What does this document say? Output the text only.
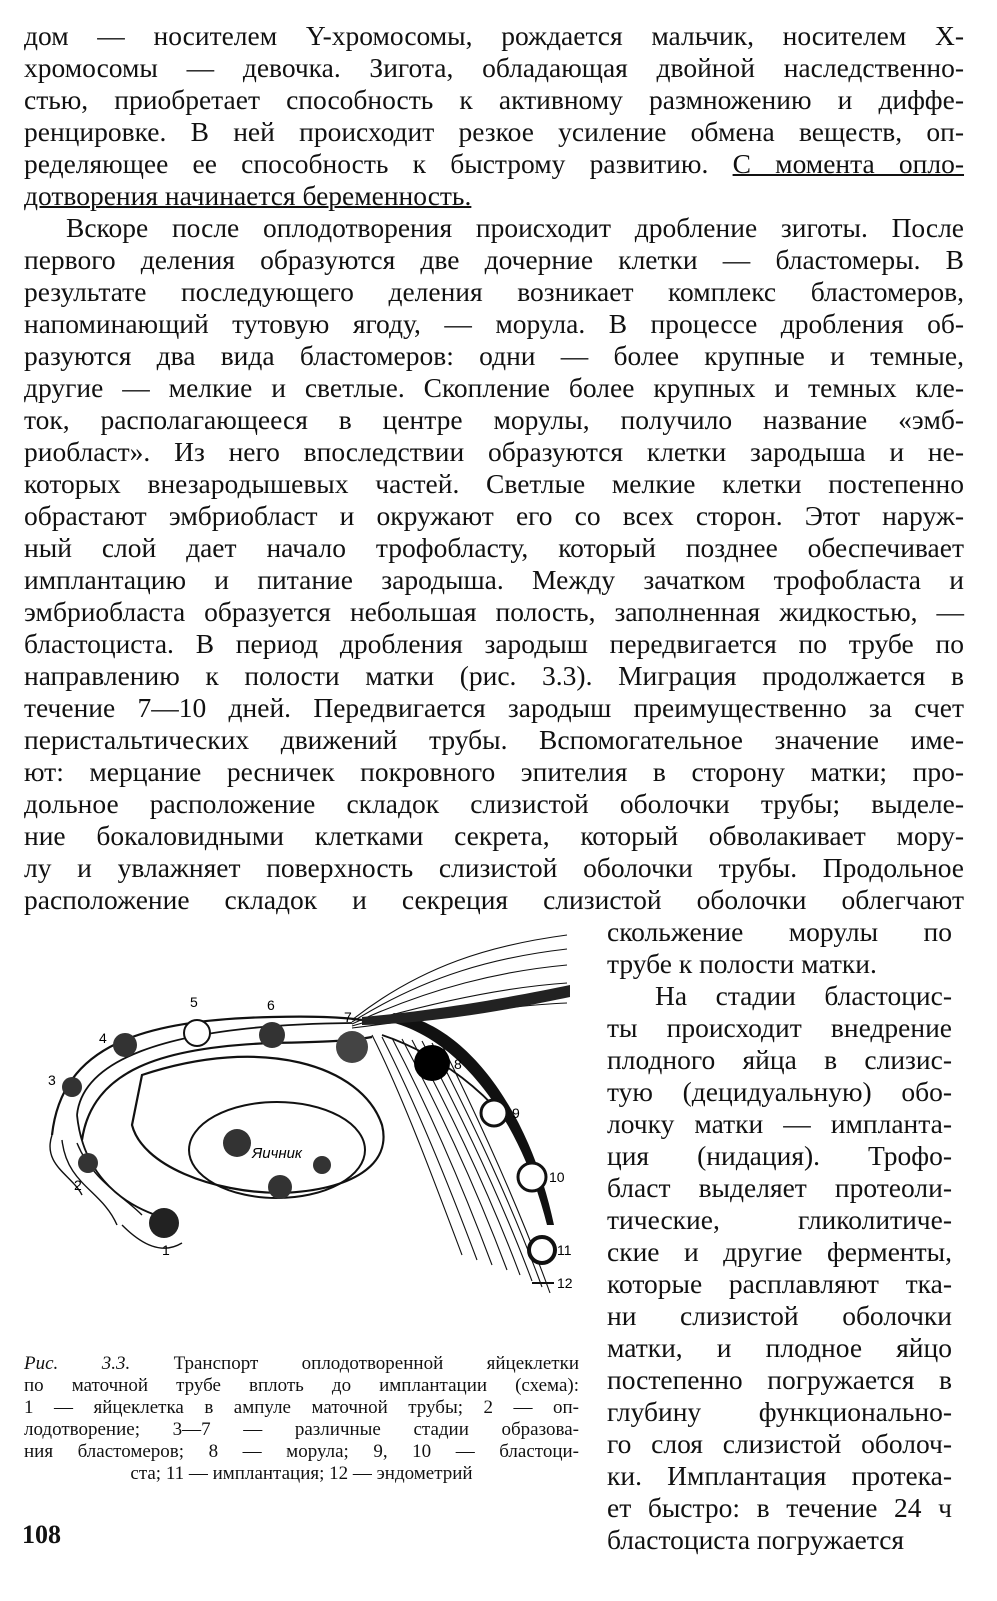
дом — носителем Y-хромосомы, рождается мальчик, носителем Х-
хромосомы — девочка. Зигота, обладающая двойной наследственно-
стью, приобретает способность к активному размножению и диффе-
ренцировке. В ней происходит резкое усиление обмена веществ, оп-
ределяющее ее способность к быстрому развитию. С момента опло-
дотворения начинается беременность.
Вскоре после оплодотворения происходит дробление зиготы. После
первого деления образуются две дочерние клетки — бластомеры. В
результате последующего деления возникает комплекс бластомеров,
напоминающий тутовую ягоду, — морула. В процессе дробления об-
разуются два вида бластомеров: одни — более крупные и темные,
другие — мелкие и светлые. Скопление более крупных и темных кле-
ток, располагающееся в центре морулы, получило название «эмб-
риобласт». Из него впоследствии образуются клетки зародыша и не-
которых внезародышевых частей. Светлые мелкие клетки постепенно
обрастают эмбриобласт и окружают его со всех сторон. Этот наруж-
ный слой дает начало трофобласту, который позднее обеспечивает
имплантацию и питание зародыша. Между зачатком трофобласта и
эмбриобласта образуется небольшая полость, заполненная жидкостью, —
бластоциста. В период дробления зародыш передвигается по трубе по
направлению к полости матки (рис. 3.3). Миграция продолжается в
течение 7—10 дней. Передвигается зародыш преимущественно за счет
перистальтических движений трубы. Вспомогательное значение име-
ют: мерцание ресничек покровного эпителия в сторону матки; про-
дольное расположение складок слизистой оболочки трубы; выделе-
ние бокаловидными клетками секрета, который обволакивает мору-
лу и увлажняет поверхность слизистой оболочки трубы. Продольное
расположение складок и секреция слизистой оболочки облегчают
скольжение морулы по
трубе к полости матки.
На стадии бластоцис-
ты происходит внедрение
плодного яйца в слизис-
тую (децидуальную) обо-
лочку матки — импланта-
ция (нидация). Трофо-
бласт выделяет протеоли-
тические, гликолитиче-
ские и другие ферменты,
которые расплавляют тка-
ни слизистой оболочки
матки, и плодное яйцо
постепенно погружается в
глубину функционально-
го слоя слизистой оболоч-
ки. Имплантация протека-
ет быстро: в течение 24 ч
бластоциста погружается
Яичник
1
2
3
4
5	6
7
8
9
10
11
12
Рис. 3.3. Транспорт оплодотворенной яйцеклетки
по маточной трубе вплоть до имплантации (схема):
1 — яйцеклетка в ампуле маточной трубы; 2 — оп-
лодотворение; 3—7 — различные стадии образова-
ния бластомеров; 8 — морула; 9, 10 — бластоци-
ста; 11 — имплантация; 12 — эндометрий
108
